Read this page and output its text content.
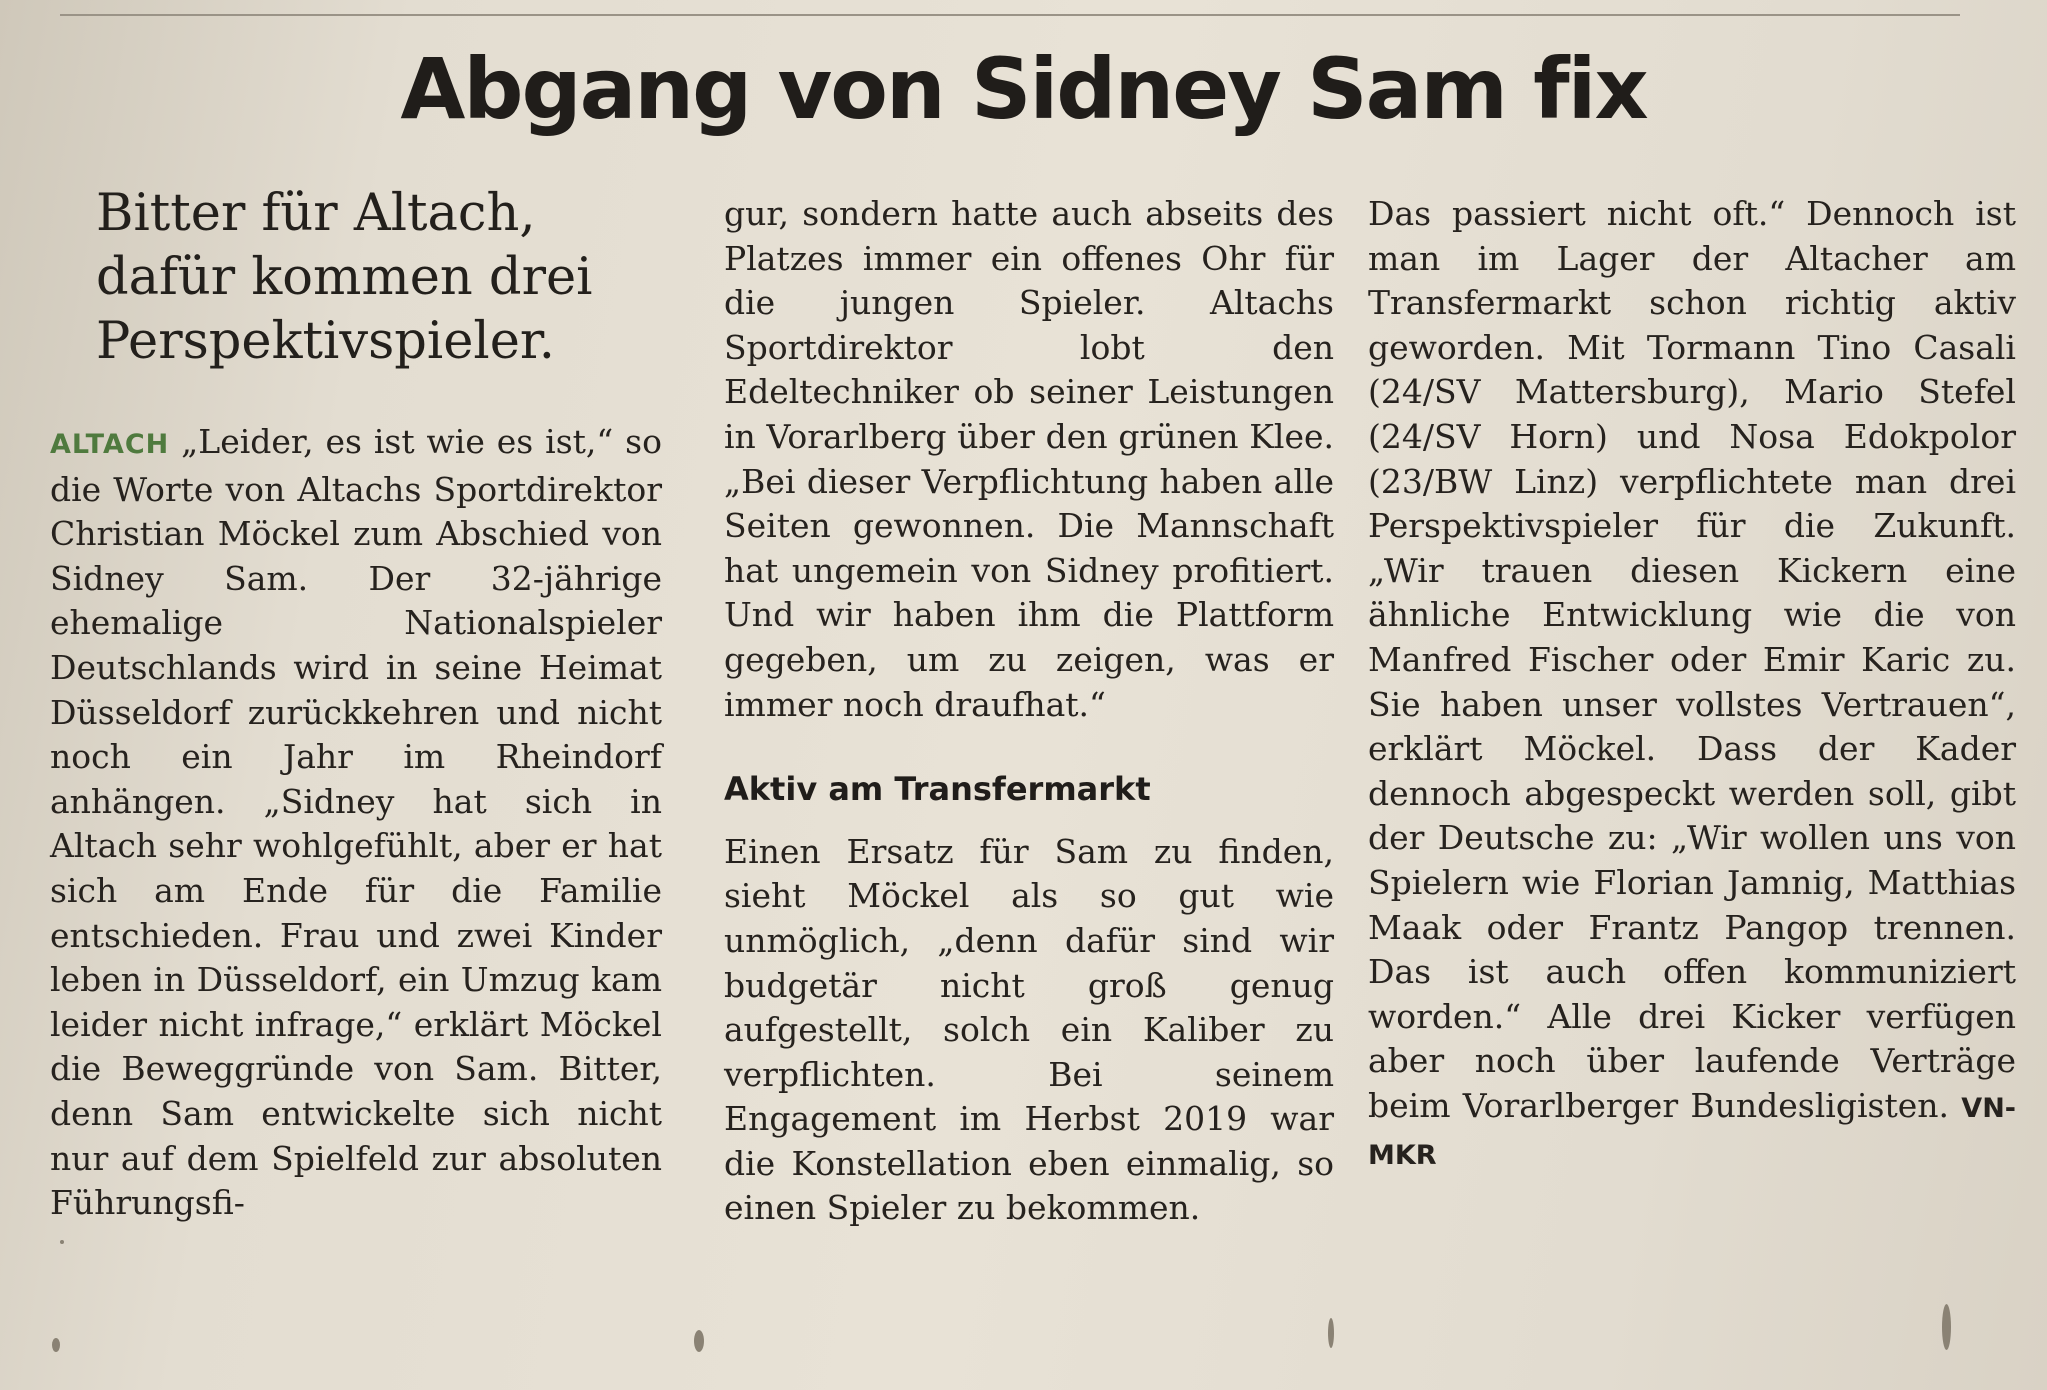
Abgang von Sidney Sam fix
Bitter für Altach, dafür kommen drei Perspektivspieler.

ALTACH „Leider, es ist wie es ist,“ so die Worte von Altachs Sportdirektor Christian Möckel zum Abschied von Sidney Sam. Der 32-jährige ehemalige Nationalspieler Deutschlands wird in seine Heimat Düsseldorf zurückkehren und nicht noch ein Jahr im Rheindorf anhängen. „Sidney hat sich in Altach sehr wohlgefühlt, aber er hat sich am Ende für die Familie entschieden. Frau und zwei Kinder leben in Düsseldorf, ein Umzug kam leider nicht infrage,“ erklärt Möckel die Beweggründe von Sam. Bitter, denn Sam entwickelte sich nicht nur auf dem Spielfeld zur absoluten Führungsfi-

gur, sondern hatte auch abseits des Platzes immer ein offenes Ohr für die jungen Spieler. Altachs Sportdirektor lobt den Edeltechniker ob seiner Leistungen in Vorarlberg über den grünen Klee. „Bei dieser Verpflichtung haben alle Seiten gewonnen. Die Mannschaft hat ungemein von Sidney profitiert. Und wir haben ihm die Plattform gegeben, um zu zeigen, was er immer noch draufhat.“

Aktiv am Transfermarkt

Einen Ersatz für Sam zu finden, sieht Möckel als so gut wie unmöglich, „denn dafür sind wir budgetär nicht groß genug aufgestellt, solch ein Kaliber zu verpflichten. Bei seinem Engagement im Herbst 2019 war die Konstellation eben einmalig, so einen Spieler zu bekommen.

Das passiert nicht oft.“ Dennoch ist man im Lager der Altacher am Transfermarkt schon richtig aktiv geworden. Mit Tormann Tino Casali (24/SV Mattersburg), Mario Stefel (24/SV Horn) und Nosa Edokpolor (23/BW Linz) verpflichtete man drei Perspektivspieler für die Zukunft. „Wir trauen diesen Kickern eine ähnliche Entwicklung wie die von Manfred Fischer oder Emir Karic zu. Sie haben unser vollstes Vertrauen“, erklärt Möckel. Dass der Kader dennoch abgespeckt werden soll, gibt der Deutsche zu: „Wir wollen uns von Spielern wie Florian Jamnig, Matthias Maak oder Frantz Pangop trennen. Das ist auch offen kommuniziert worden.“ Alle drei Kicker verfügen aber noch über laufende Verträge beim Vorarlberger Bundesligisten. VN-MKR
